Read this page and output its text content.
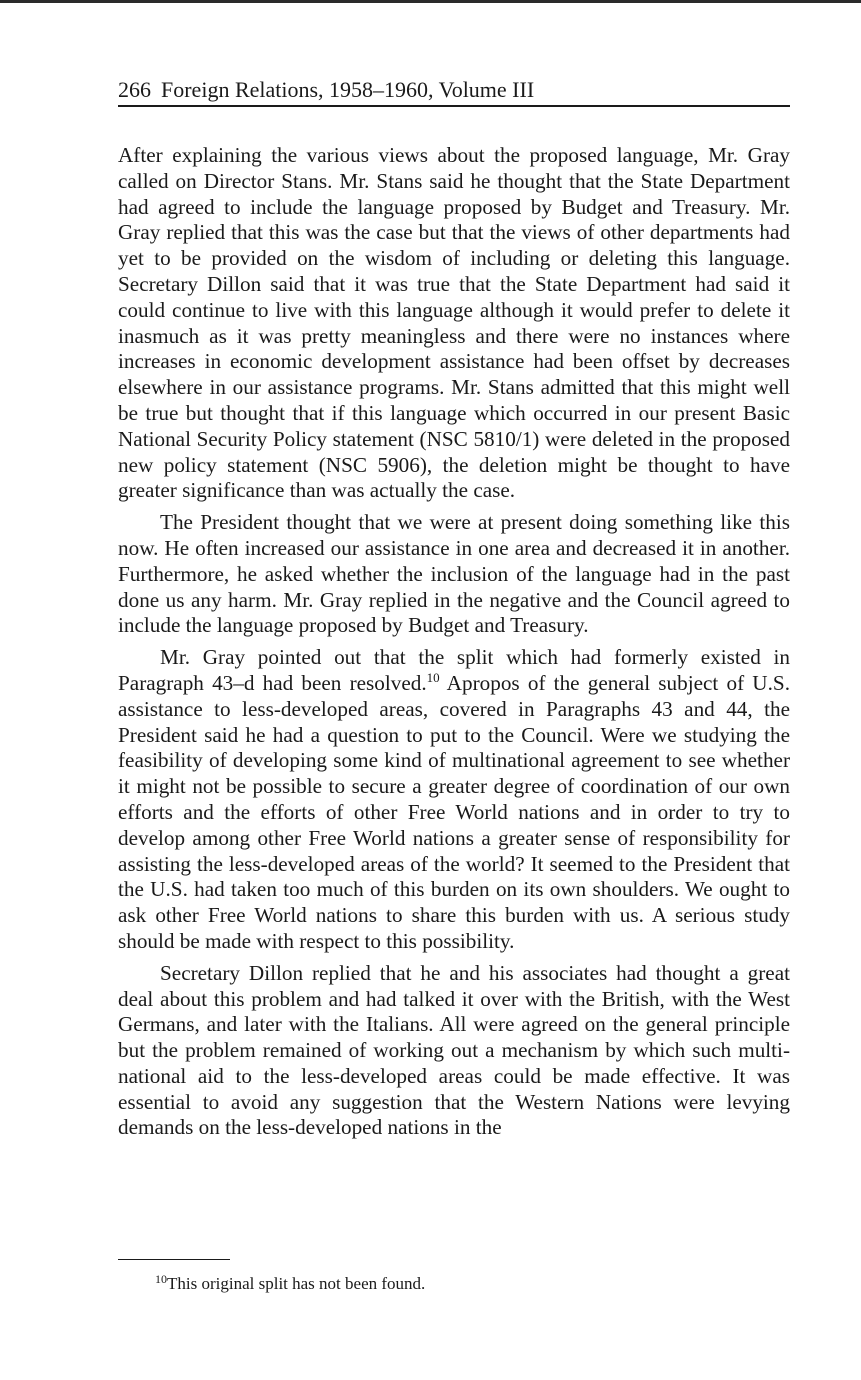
266 Foreign Relations, 1958–1960, Volume III

After explaining the various views about the proposed language, Mr. Gray called on Director Stans. Mr. Stans said he thought that the State Department had agreed to include the language proposed by Budget and Treasury. Mr. Gray replied that this was the case but that the views of other departments had yet to be provided on the wisdom of including or deleting this language. Secretary Dillon said that it was true that the State Department had said it could continue to live with this language although it would prefer to delete it inasmuch as it was pretty meaningless and there were no instances where increases in economic development assistance had been offset by decreases elsewhere in our assistance programs. Mr. Stans admitted that this might well be true but thought that if this language which occurred in our present Basic National Security Policy statement (NSC 5810/1) were deleted in the proposed new policy statement (NSC 5906), the deletion might be thought to have greater significance than was actually the case.

The President thought that we were at present doing something like this now. He often increased our assistance in one area and decreased it in another. Furthermore, he asked whether the inclusion of the language had in the past done us any harm. Mr. Gray replied in the negative and the Council agreed to include the language proposed by Budget and Treasury.

Mr. Gray pointed out that the split which had formerly existed in Paragraph 43–d had been resolved.$^{10}$ Apropos of the general subject of U.S. assistance to less-developed areas, covered in Paragraphs 43 and 44, the President said he had a question to put to the Council. Were we studying the feasibility of developing some kind of multinational agreement to see whether it might not be possible to secure a greater degree of coordination of our own efforts and the efforts of other Free World nations and in order to try to develop among other Free World nations a greater sense of responsibility for assisting the less-developed areas of the world? It seemed to the President that the U.S. had taken too much of this burden on its own shoulders. We ought to ask other Free World nations to share this burden with us. A serious study should be made with respect to this possibility.

Secretary Dillon replied that he and his associates had thought a great deal about this problem and had talked it over with the British, with the West Germans, and later with the Italians. All were agreed on the general principle but the problem remained of working out a mechanism by which such multi-national aid to the less-developed areas could be made effective. It was essential to avoid any suggestion that the Western Nations were levying demands on the less-developed nations in the

$^{10}$This original split has not been found.
